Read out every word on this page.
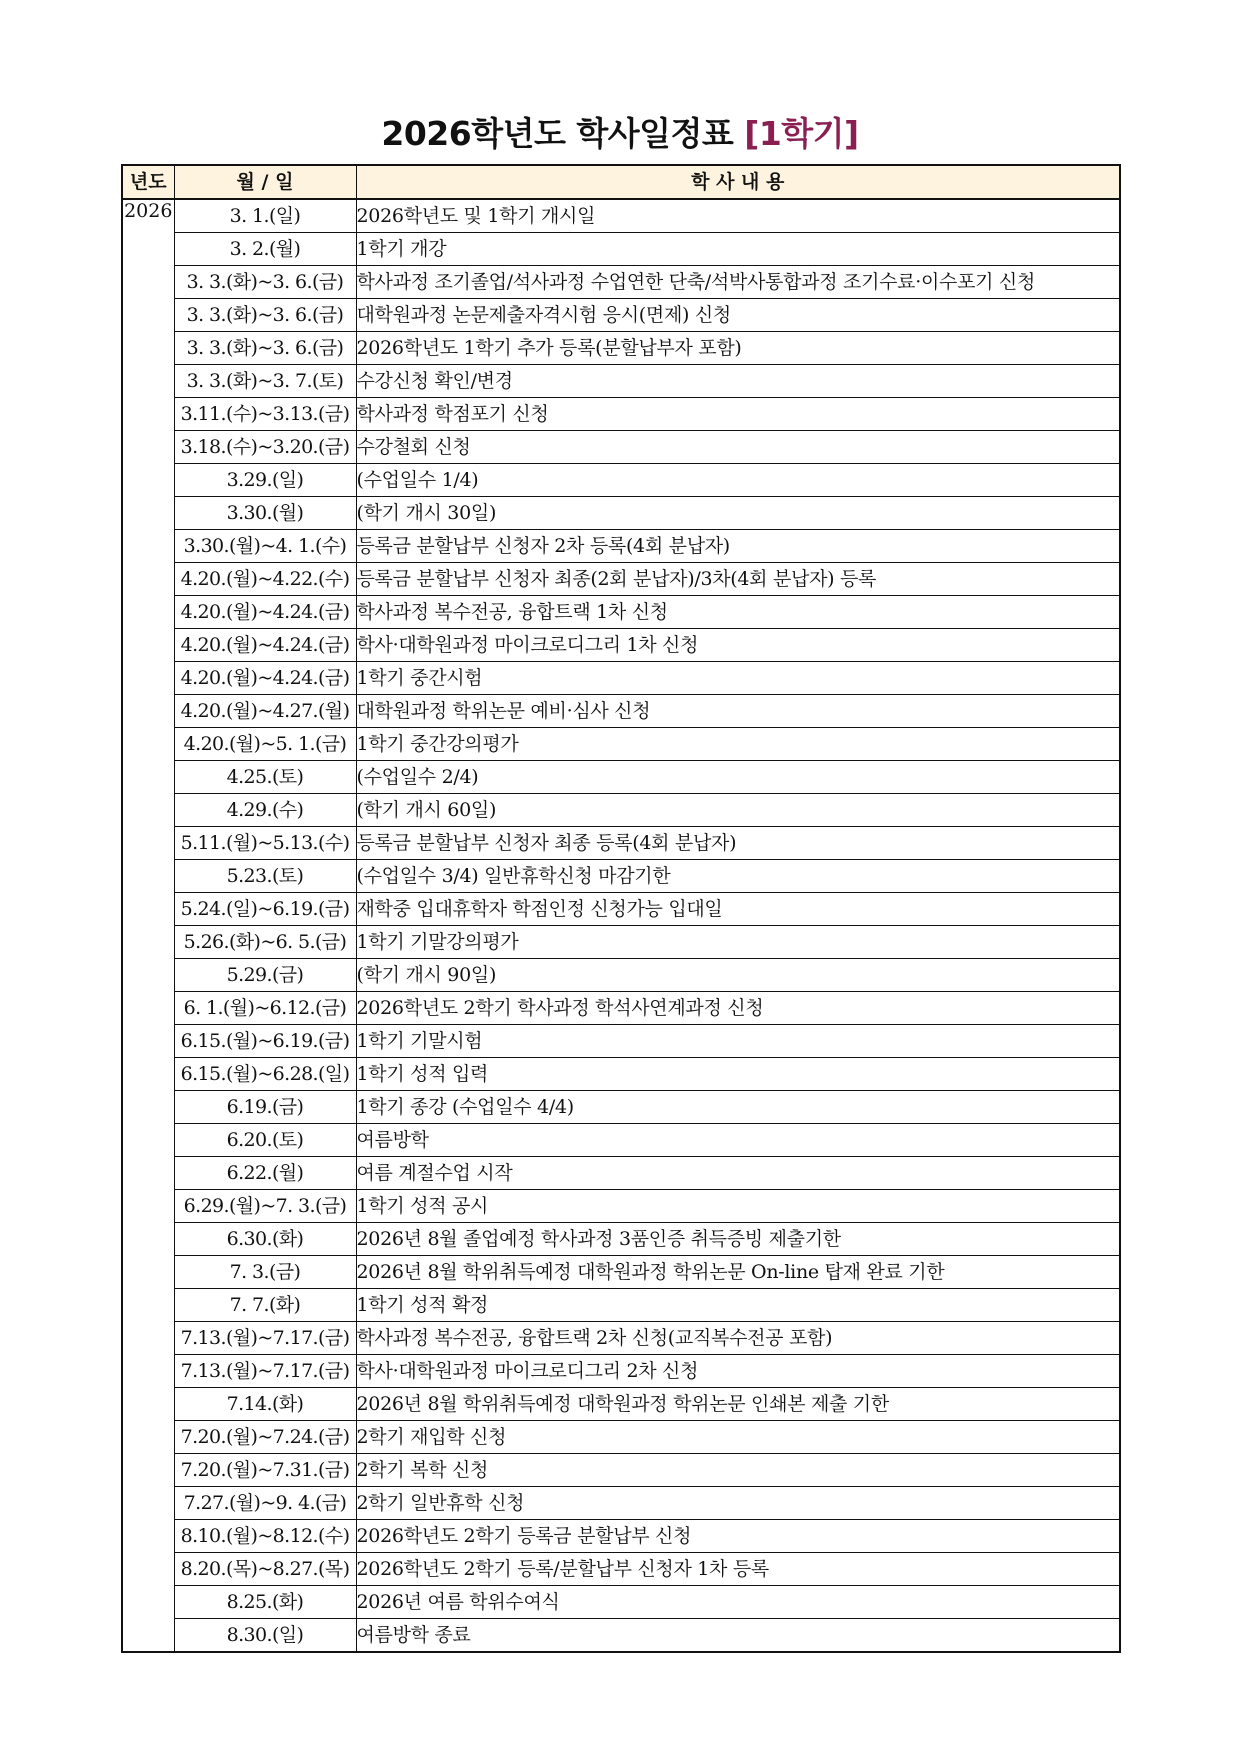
2026학년도 학사일정표 [1학기]
년도	월 / 일	학 사 내 용
2026	3. 1.(일)	2026학년도 및 1학기 개시일
	3. 2.(월)	1학기 개강
	3. 3.(화)~3. 6.(금)	학사과정 조기졸업/석사과정 수업연한 단축/석박사통합과정 조기수료·이수포기 신청
	3. 3.(화)~3. 6.(금)	대학원과정 논문제출자격시험 응시(면제) 신청
	3. 3.(화)~3. 6.(금)	2026학년도 1학기 추가 등록(분할납부자 포함)
	3. 3.(화)~3. 7.(토)	수강신청 확인/변경
	3.11.(수)~3.13.(금)	학사과정 학점포기 신청
	3.18.(수)~3.20.(금)	수강철회 신청
	3.29.(일)	(수업일수 1/4)
	3.30.(월)	(학기 개시 30일)
	3.30.(월)~4. 1.(수)	등록금 분할납부 신청자 2차 등록(4회 분납자)
	4.20.(월)~4.22.(수)	등록금 분할납부 신청자 최종(2회 분납자)/3차(4회 분납자) 등록
	4.20.(월)~4.24.(금)	학사과정 복수전공, 융합트랙 1차 신청
	4.20.(월)~4.24.(금)	학사·대학원과정 마이크로디그리 1차 신청
	4.20.(월)~4.24.(금)	1학기 중간시험
	4.20.(월)~4.27.(월)	대학원과정 학위논문 예비·심사 신청
	4.20.(월)~5. 1.(금)	1학기 중간강의평가
	4.25.(토)	(수업일수 2/4)
	4.29.(수)	(학기 개시 60일)
	5.11.(월)~5.13.(수)	등록금 분할납부 신청자 최종 등록(4회 분납자)
	5.23.(토)	(수업일수 3/4) 일반휴학신청 마감기한
	5.24.(일)~6.19.(금)	재학중 입대휴학자 학점인정 신청가능 입대일
	5.26.(화)~6. 5.(금)	1학기 기말강의평가
	5.29.(금)	(학기 개시 90일)
	6. 1.(월)~6.12.(금)	2026학년도 2학기 학사과정 학석사연계과정 신청
	6.15.(월)~6.19.(금)	1학기 기말시험
	6.15.(월)~6.28.(일)	1학기 성적 입력
	6.19.(금)	1학기 종강 (수업일수 4/4)
	6.20.(토)	여름방학
	6.22.(월)	여름 계절수업 시작
	6.29.(월)~7. 3.(금)	1학기 성적 공시
	6.30.(화)	2026년 8월 졸업예정 학사과정 3품인증 취득증빙 제출기한
	7. 3.(금)	2026년 8월 학위취득예정 대학원과정 학위논문 On-line 탑재 완료 기한
	7. 7.(화)	1학기 성적 확정
	7.13.(월)~7.17.(금)	학사과정 복수전공, 융합트랙 2차 신청(교직복수전공 포함)
	7.13.(월)~7.17.(금)	학사·대학원과정 마이크로디그리 2차 신청
	7.14.(화)	2026년 8월 학위취득예정 대학원과정 학위논문 인쇄본 제출 기한
	7.20.(월)~7.24.(금)	2학기 재입학 신청
	7.20.(월)~7.31.(금)	2학기 복학 신청
	7.27.(월)~9. 4.(금)	2학기 일반휴학 신청
	8.10.(월)~8.12.(수)	2026학년도 2학기 등록금 분할납부 신청
	8.20.(목)~8.27.(목)	2026학년도 2학기 등록/분할납부 신청자 1차 등록
	8.25.(화)	2026년 여름 학위수여식
	8.30.(일)	여름방학 종료
